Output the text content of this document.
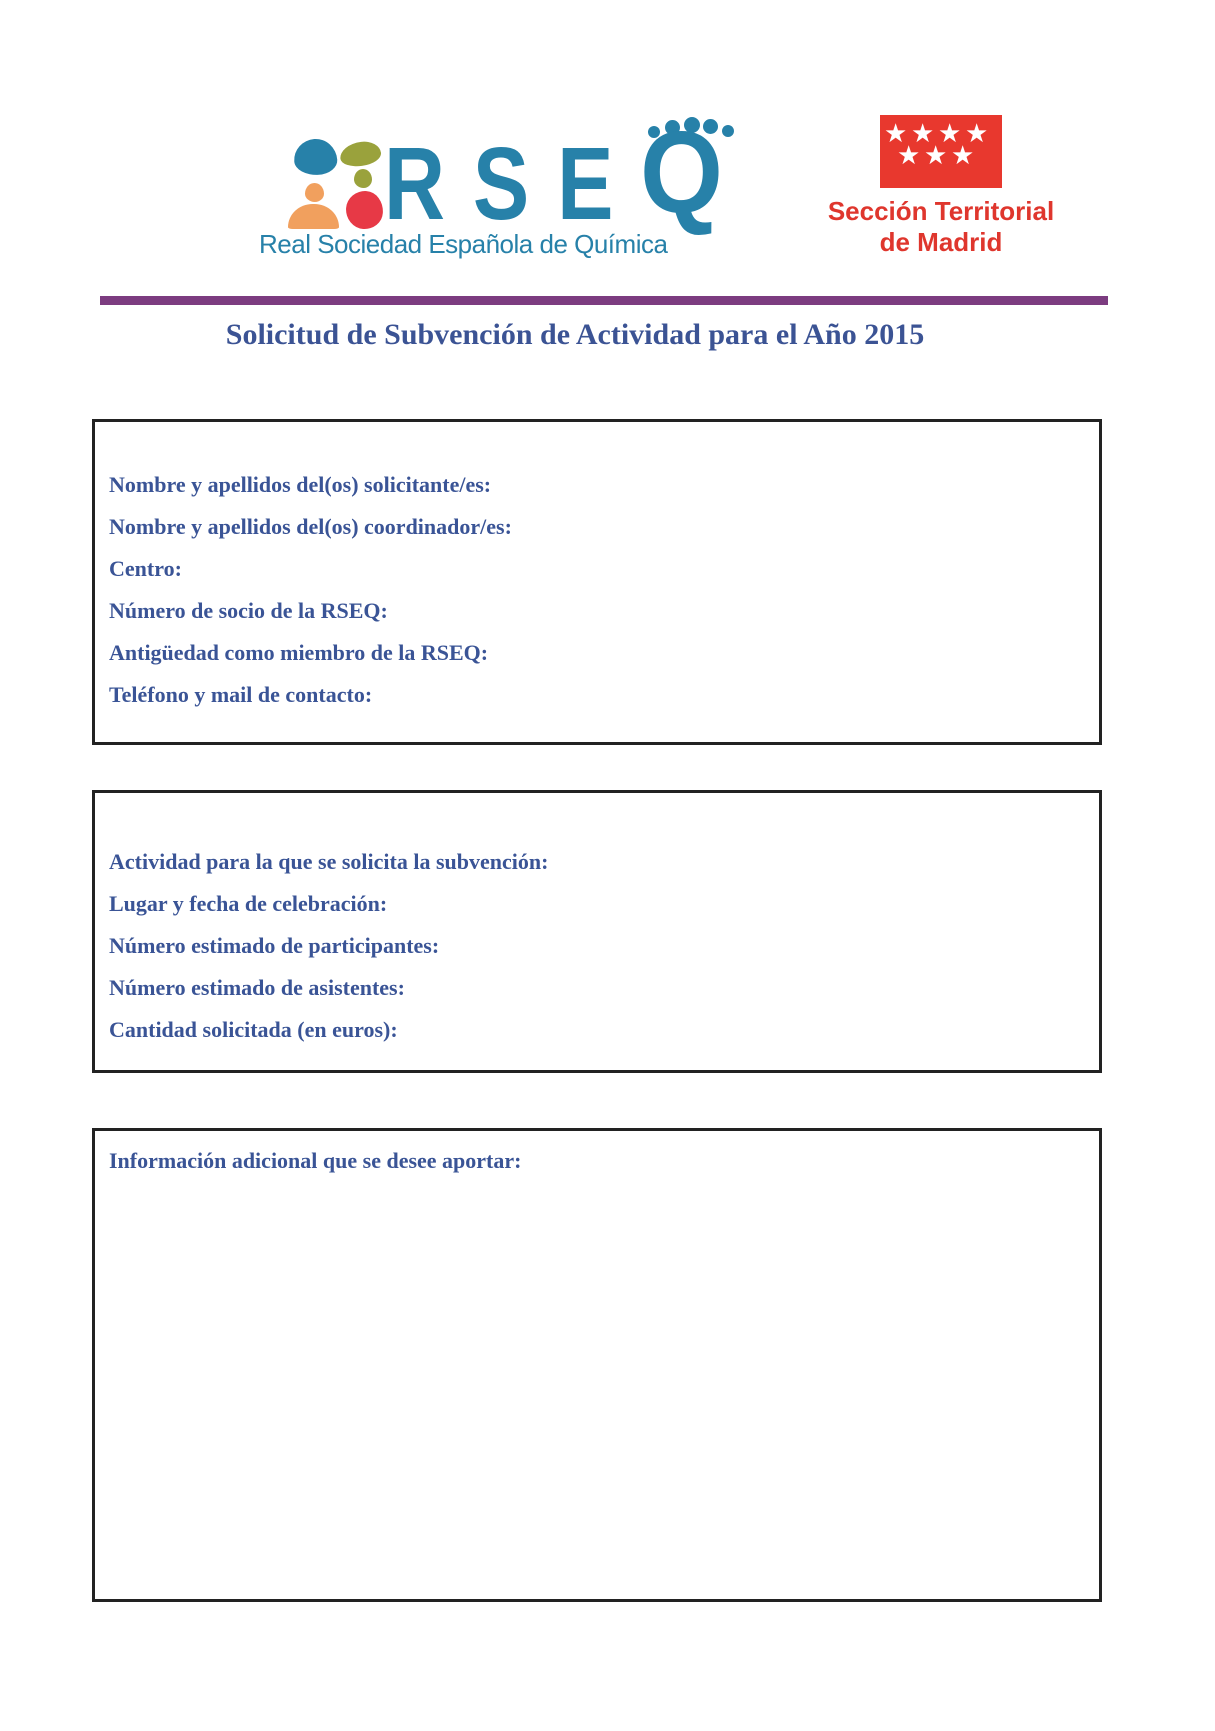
RSE
Q
Real Sociedad Española de Química
★ ★ ★ ★
★ ★ ★
Sección Territorial
de Madrid
Solicitud de Subvención de Actividad para el Año 2015
Nombre y apellidos del(os) solicitante/es:
Nombre y apellidos del(os) coordinador/es:
Centro:
Número de socio de la RSEQ:
Antigüedad como miembro de la RSEQ:
Teléfono y mail de contacto:
Actividad para la que se solicita la subvención:
Lugar y fecha de celebración:
Número estimado de participantes:
Número estimado de asistentes:
Cantidad solicitada (en euros):
Información adicional que se desee aportar:
